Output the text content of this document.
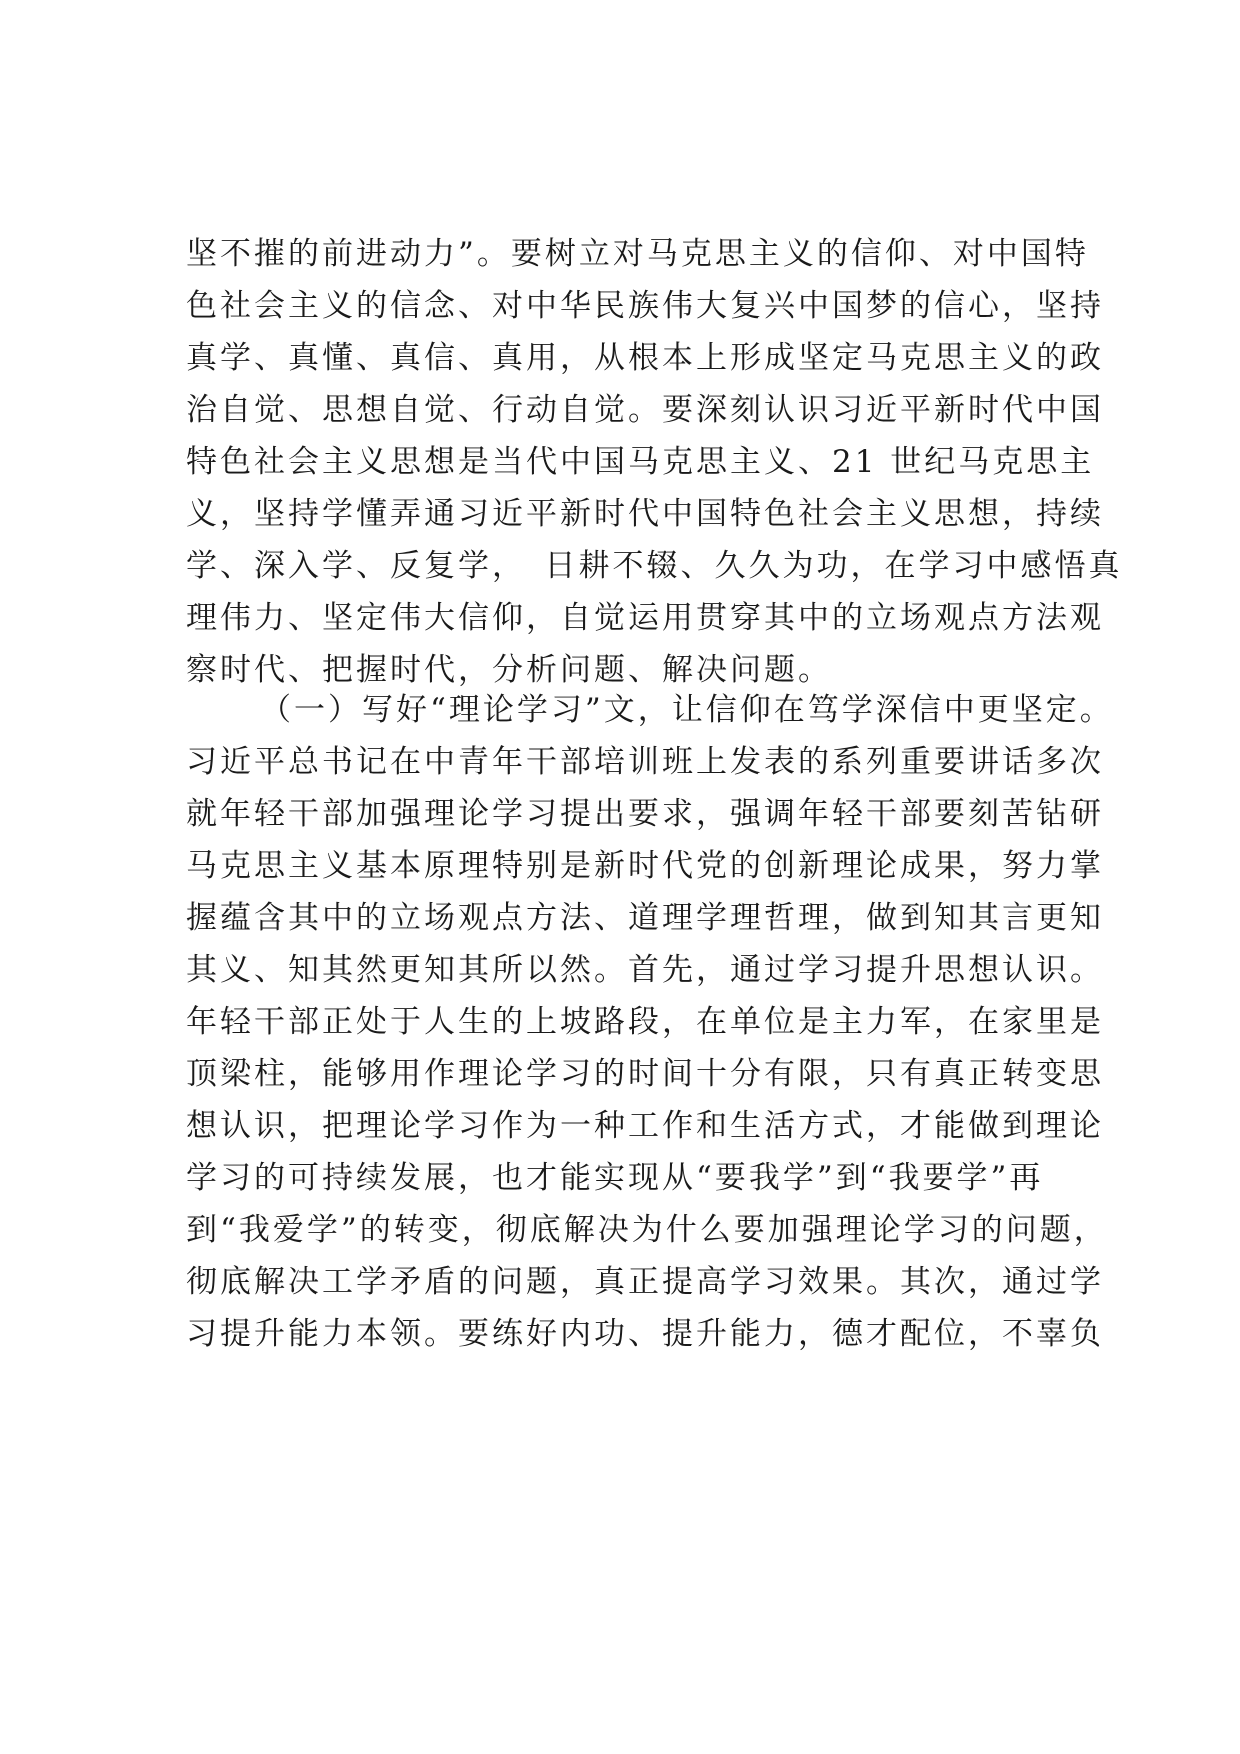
坚不摧的前进动力”。要树立对马克思主义的信仰、对中国特
色社会主义的信念、对中华民族伟大复兴中国梦的信心，坚持
真学、真懂、真信、真用，从根本上形成坚定马克思主义的政
治自觉、思想自觉、行动自觉。要深刻认识习近平新时代中国
特色社会主义思想是当代中国马克思主义、21 世纪马克思主
义，坚持学懂弄通习近平新时代中国特色社会主义思想，持续
学、深入学、反复学，　日耕不辍、久久为功，在学习中感悟真
理伟力、坚定伟大信仰，自觉运用贯穿其中的立场观点方法观
察时代、把握时代，分析问题、解决问题。
（一）写好“理论学习”文，让信仰在笃学深信中更坚定。
习近平总书记在中青年干部培训班上发表的系列重要讲话多次
就年轻干部加强理论学习提出要求，强调年轻干部要刻苦钻研
马克思主义基本原理特别是新时代党的创新理论成果，努力掌
握蕴含其中的立场观点方法、道理学理哲理，做到知其言更知
其义、知其然更知其所以然。首先，通过学习提升思想认识。
年轻干部正处于人生的上坡路段，在单位是主力军，在家里是
顶梁柱，能够用作理论学习的时间十分有限，只有真正转变思
想认识，把理论学习作为一种工作和生活方式，才能做到理论
学习的可持续发展，也才能实现从“要我学”到“我要学”再
到“我爱学”的转变，彻底解决为什么要加强理论学习的问题，
彻底解决工学矛盾的问题，真正提高学习效果。其次，通过学
习提升能力本领。要练好内功、提升能力，德才配位，不辜负
